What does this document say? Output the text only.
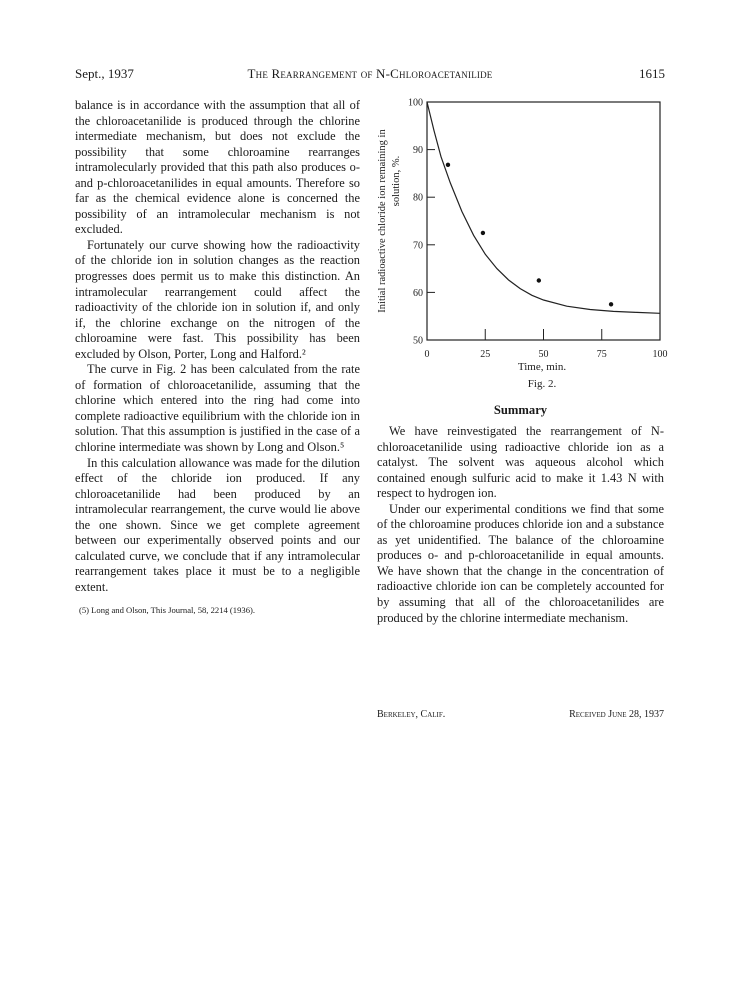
Sept., 1937	The Rearrangement of N-Chloroacetanilide	1615

balance is in accordance with the assumption that all of the chloroacetanilide is produced through the chlorine intermediate mechanism, but does not exclude the possibility that some chloroamine rearranges intramolecularly provided that this path also produces o- and p-chloroacetanilides in equal amounts. Therefore so far as the chemical evidence alone is concerned the possibility of an intramolecular mechanism is not excluded.

Fortunately our curve showing how the radioactivity of the chloride ion in solution changes as the reaction progresses does permit us to make this distinction. An intramolecular rearrangement could affect the radioactivity of the chloride ion in solution if, and only if, the chlorine exchange on the nitrogen of the chloroamine were fast. This possibility has been excluded by Olson, Porter, Long and Halford.²

The curve in Fig. 2 has been calculated from the rate of formation of chloroacetanilide, assuming that the chlorine which entered into the ring had come into complete radioactive equilibrium with the chloride ion in solution. That this assumption is justified in the case of a chlorine intermediate was shown by Long and Olson.⁵

In this calculation allowance was made for the dilution effect of the chloride ion produced. If any chloroacetanilide had been produced by an intramolecular rearrangement, the curve would lie above the one shown. Since we get complete agreement between our experimentally observed points and our calculated curve, we conclude that if any intramolecular rearrangement takes place it must be to a negligible extent.

(5) Long and Olson, This Journal, 58, 2214 (1936).
50
60
70
80
90
100
0	25	50	75	100
Initial radioactive chloride ion remaining in solution, %.
Time, min.
Fig. 2.
Summary

We have reinvestigated the rearrangement of N-chloroacetanilide using radioactive chloride ion as a catalyst. The solvent was aqueous alcohol which contained enough sulfuric acid to make it 1.43 N with respect to hydrogen ion.

Under our experimental conditions we find that some of the chloroamine produces chloride ion and a substance as yet unidentified. The balance of the chloroamine produces o- and p-chloroacetanilide in equal amounts. We have shown that the change in the concentration of radioactive chloride ion can be completely accounted for by assuming that all of the chloroacetanilides are produced by the chlorine intermediate mechanism.

Berkeley, Calif.	Received June 28, 1937
